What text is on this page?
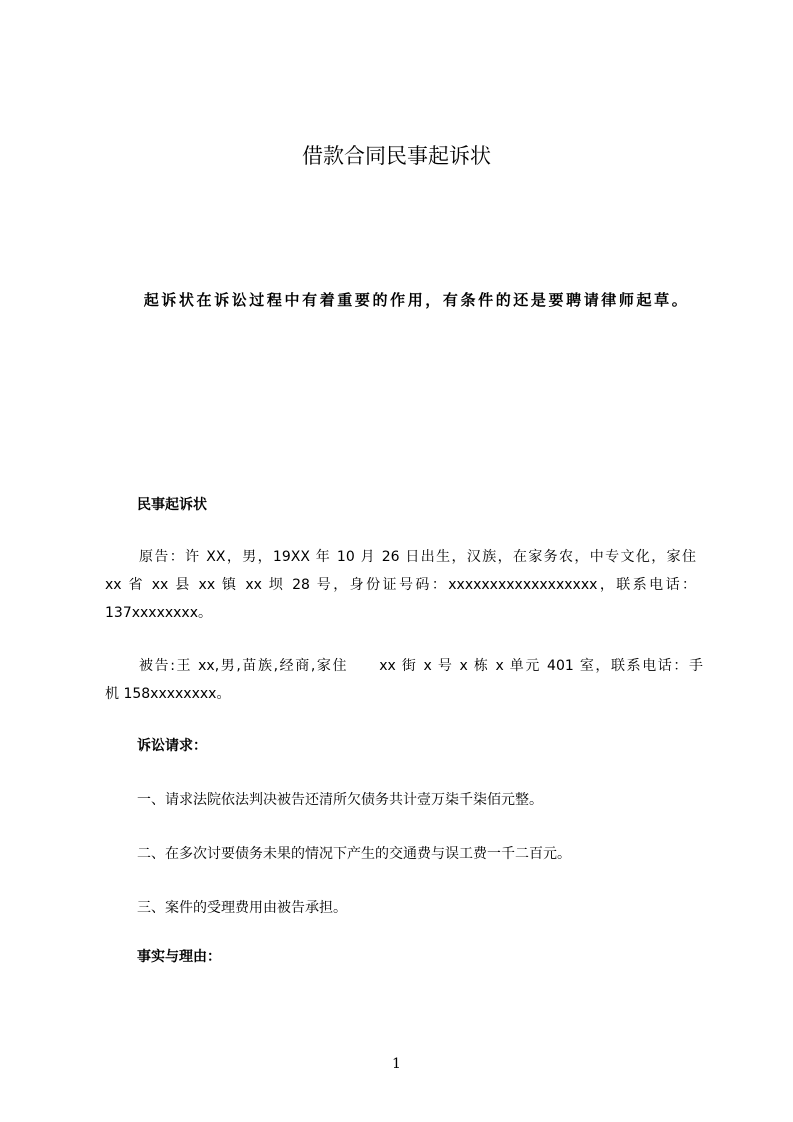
借款合同民事起诉状
起诉状在诉讼过程中有着重要的作用，有条件的还是要聘请律师起草。
民事起诉状
原告：许 XX，男，19XX 年 10 月 26 日出生，汉族，在家务农，中专文化，家住
xx 省 xx 县 xx 镇 xx 坝 28 号，身份证号码：xxxxxxxxxxxxxxxxxx，联系电话：
137xxxxxxxx。
被告:王 xx,男,苗族,经商,家住　　xx 街 x 号 x 栋 x 单元 401 室，联系电话：手
机 158xxxxxxxx。
诉讼请求：
一、请求法院依法判决被告还清所欠债务共计壹万柒千柒佰元整。
二、在多次讨要债务未果的情况下产生的交通费与误工费一千二百元。
三、案件的受理费用由被告承担。
事实与理由：
1
